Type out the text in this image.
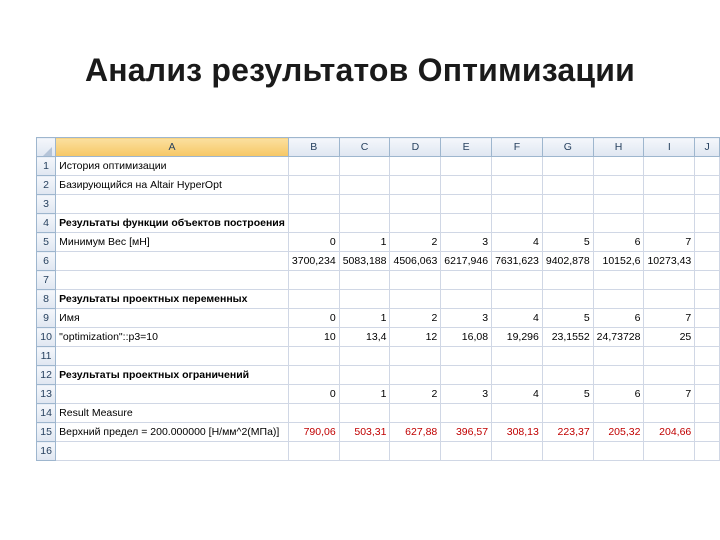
Анализ результатов Оптимизации
	A	B	C	D	E	F	G	H	I	J
1	История оптимизации									
2	Базирующийся на Altair HyperOpt									
3										
4	Результаты функции объектов построения									
5	Минимум Вес [мН]	0	1	2	3	4	5	6	7	
6		3700,234	5083,188	4506,063	6217,946	7631,623	9402,878	10152,6	10273,43	
7										
8	Результаты проектных переменных									
9	Имя	0	1	2	3	4	5	6	7	
10	"optimization"::p3=10	10	13,4	12	16,08	19,296	23,1552	24,73728	25	
11										
12	Результаты проектных ограничений									
13		0	1	2	3	4	5	6	7	
14	Result Measure									
15	Верхний предел = 200.000000 [Н/мм^2(МПа)]	790,06	503,31	627,88	396,57	308,13	223,37	205,32	204,66	
16										
